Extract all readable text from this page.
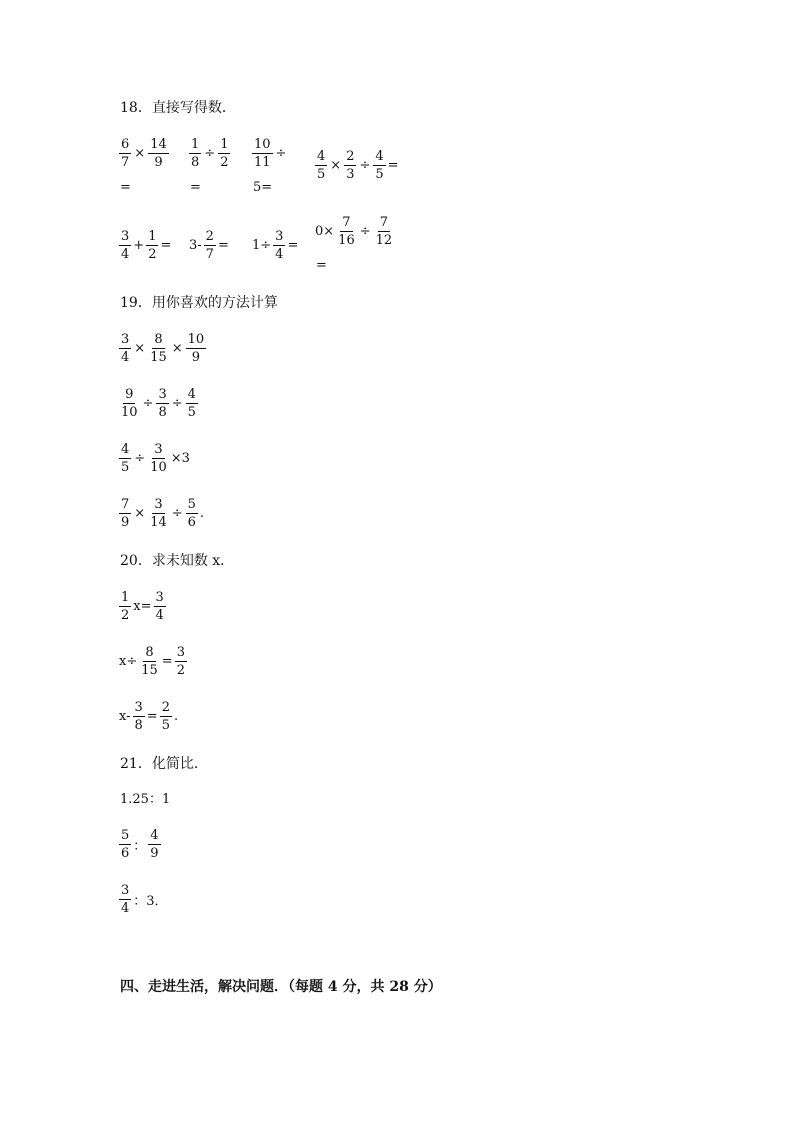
18．直接写得数．
$\frac{6}{7} \times \frac{14}{9}$
=
$\frac{1}{8} \div \frac{1}{2}$
=
$\frac{10}{11}$ ÷
5=
$\frac{4}{5} \times \frac{2}{3} \div \frac{4}{5}$ =
$\frac{3}{4} + \frac{1}{2} = 3- \frac{2}{7} = 1\div \frac{3}{4}$ =
$0\times \frac{7}{16} \div \frac{7}{12}$
=
19．用你喜欢的方法计算
$\frac{3}{4} \times \frac{8}{15} \times \frac{10}{9}$
$\frac{9}{10} \div \frac{3}{8} \div \frac{4}{5}$
$\frac{4}{5} \div \frac{3}{10} \times 3$
$\frac{7}{9} \times \frac{3}{14} \div \frac{5}{6}$ .
20．求未知数 x．
$\frac{1}{2} x= \frac{3}{4}$
$x\div \frac{8}{15} = \frac{3}{2}$
$x- \frac{3}{8} = \frac{2}{5}$ .
21．化简比．
1.25：1
$\frac{5}{6}$ ： $\frac{4}{9}$
$\frac{3}{4}$ ：3．
四、走进生活，解决问题．（每题 4 分，共 28 分）
